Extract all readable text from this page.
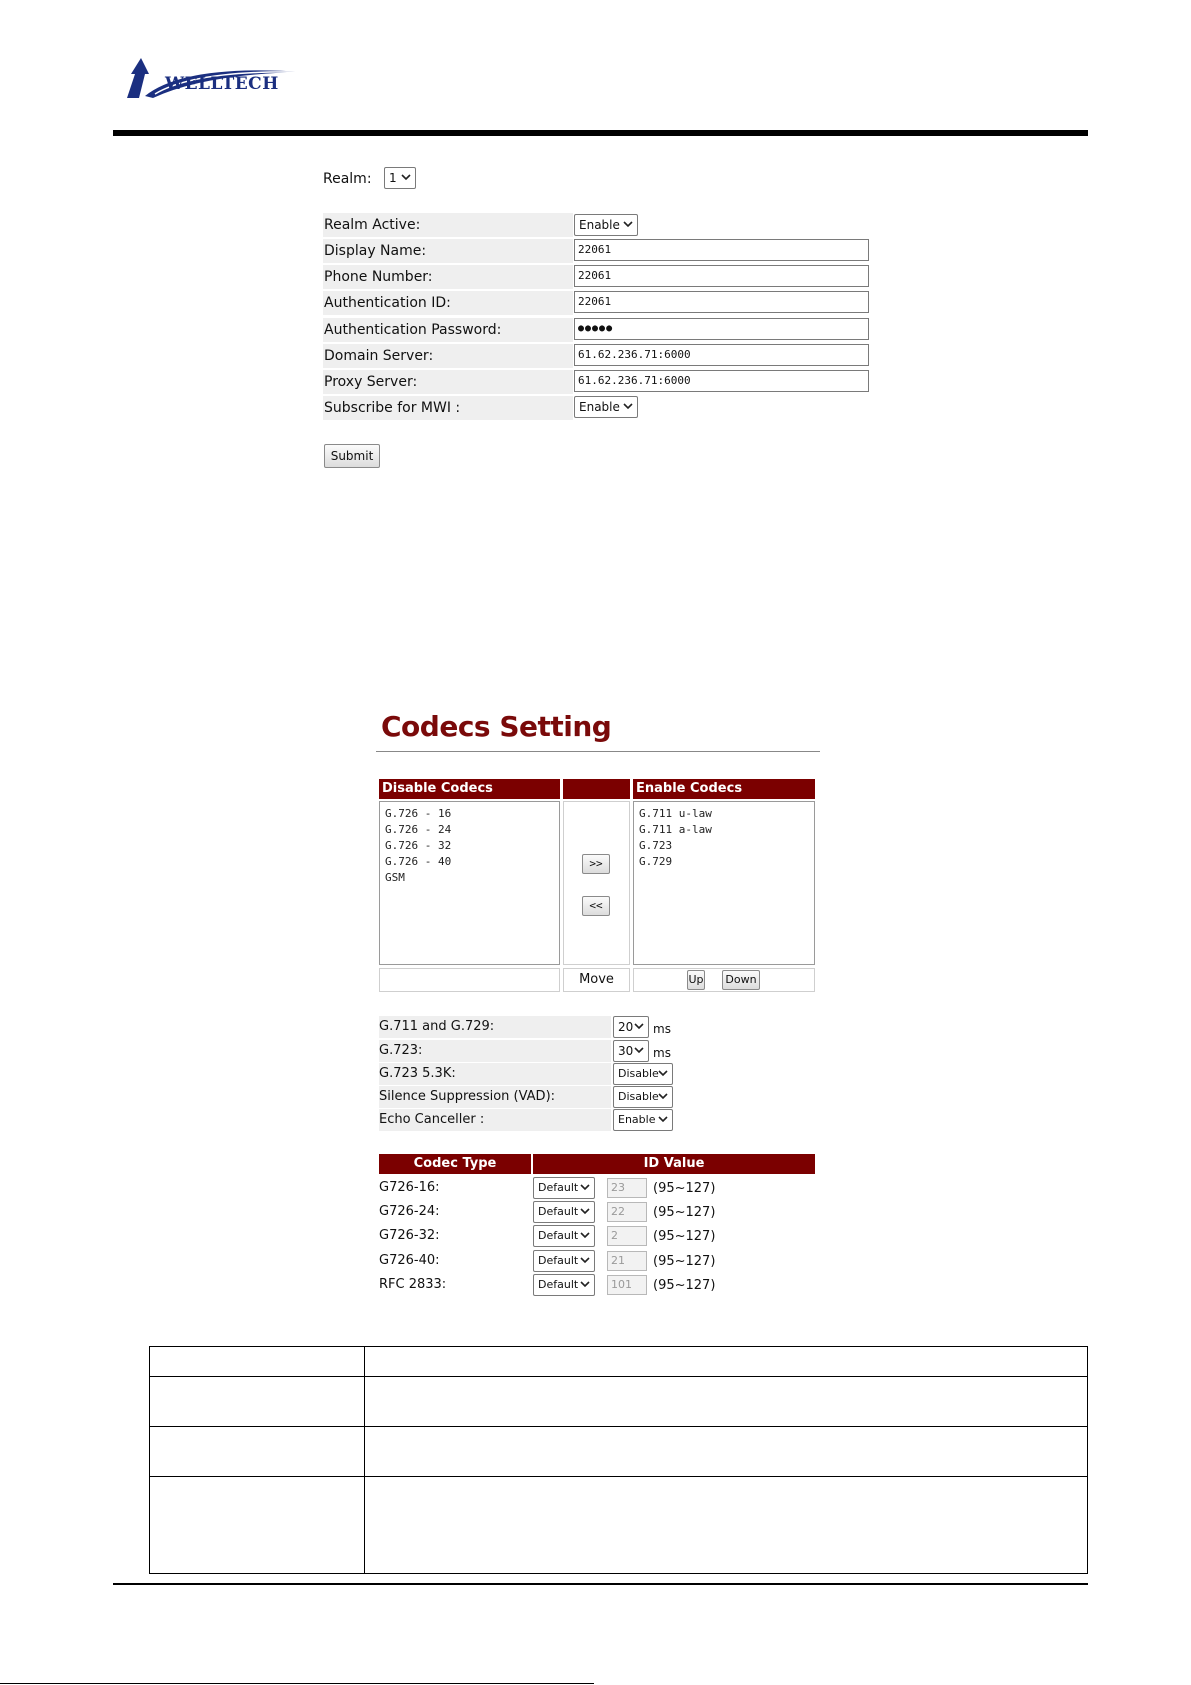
WELLTECH
Realm:	1
Realm Active:	Enable
Display Name:	22061
Phone Number:	22061
Authentication ID:	22061
Authentication Password:	●●●●●
Domain Server:	61.62.236.71:6000
Proxy Server:	61.62.236.71:6000
Subscribe for MWI :	Enable
Submit
Codecs Setting
Disable Codecs	Enable Codecs
G.726 - 16
G.726 - 24
G.726 - 32
G.726 - 40
GSM
>>
<<
G.711 u-law
G.711 a-law
G.723
G.729
Move	Up	Down
G.711 and G.729:	20	ms
G.723:	30	ms
G.723 5.3K:	Disable
Silence Suppression (VAD):	Disable
Echo Canceller :	Enable
Codec Type	ID Value
G726-16:	Default	23	(95~127)
G726-24:	Default	22	(95~127)
G726-32:	Default	2	(95~127)
G726-40:	Default	21	(95~127)
RFC 2833:	Default	101	(95~127)
